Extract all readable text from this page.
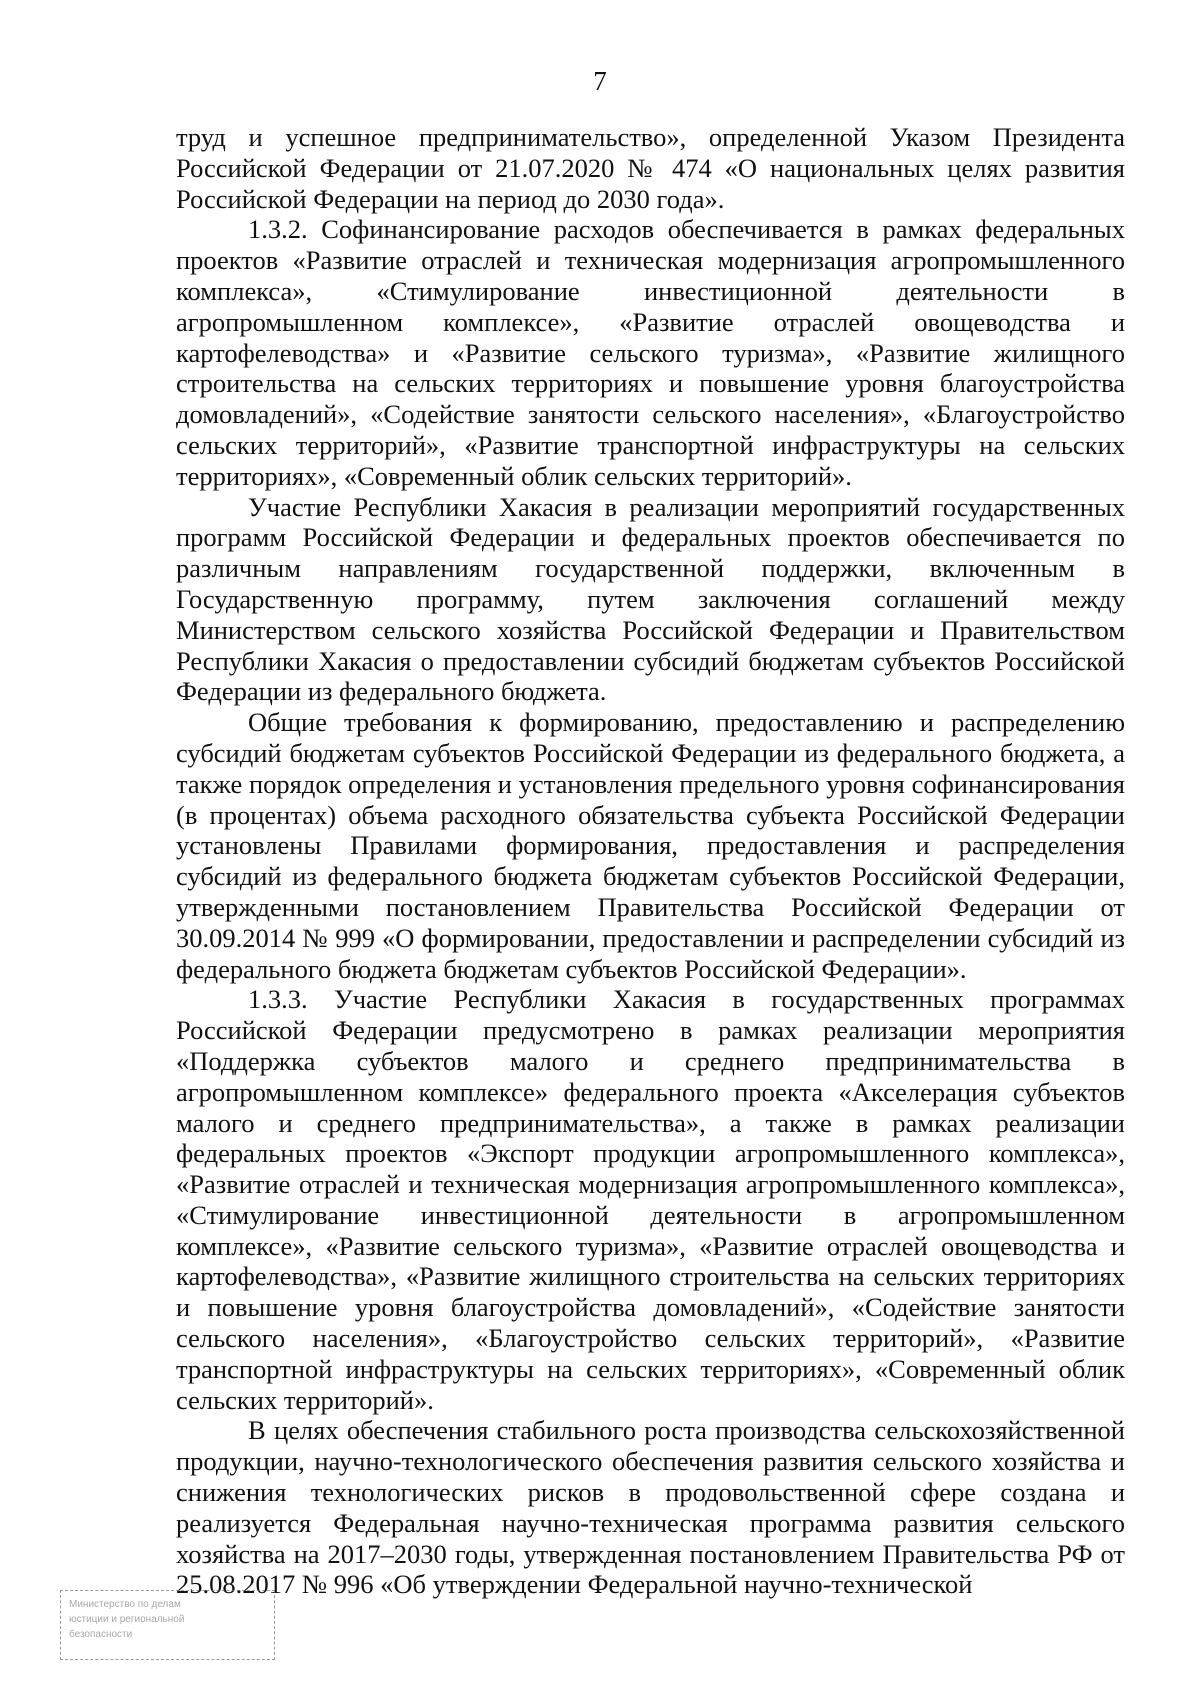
7

труд и успешное предпринимательство», определенной Указом Президента Российской Федерации от 21.07.2020 № 474 «О национальных целях развития Российской Федерации на период до 2030 года».

1.3.2. Софинансирование расходов обеспечивается в рамках федеральных проектов «Развитие отраслей и техническая модернизация агропромышленного комплекса», «Стимулирование инвестиционной деятельности в агропромышленном комплексе», «Развитие отраслей овощеводства и картофелеводства» и «Развитие сельского туризма», «Развитие жилищного строительства на сельских территориях и повышение уровня благоустройства домовладений», «Содействие занятости сельского населения», «Благоустройство сельских территорий», «Развитие транспортной инфраструктуры на сельских территориях», «Современный облик сельских территорий».

Участие Республики Хакасия в реализации мероприятий государственных программ Российской Федерации и федеральных проектов обеспечивается по различным направлениям государственной поддержки, включенным в Государственную программу, путем заключения соглашений между Министерством сельского хозяйства Российской Федерации и Правительством Республики Хакасия о предоставлении субсидий бюджетам субъектов Российской Федерации из федерального бюджета.

Общие требования к формированию, предоставлению и распределению субсидий бюджетам субъектов Российской Федерации из федерального бюджета, а также порядок определения и установления предельного уровня софинансирования (в процентах) объема расходного обязательства субъекта Российской Федерации установлены Правилами формирования, предоставления и распределения субсидий из федерального бюджета бюджетам субъектов Российской Федерации, утвержденными постановлением Правительства Российской Федерации от 30.09.2014 № 999 «О формировании, предоставлении и распределении субсидий из федерального бюджета бюджетам субъектов Российской Федерации».

1.3.3. Участие Республики Хакасия в государственных программах Российской Федерации предусмотрено в рамках реализации мероприятия «Поддержка субъектов малого и среднего предпринимательства в агропромышленном комплексе» федерального проекта «Акселерация субъектов малого и среднего предпринимательства», а также в рамках реализации федеральных проектов «Экспорт продукции агропромышленного комплекса», «Развитие отраслей и техническая модернизация агропромышленного комплекса», «Стимулирование инвестиционной деятельности в агропромышленном комплексе», «Развитие сельского туризма», «Развитие отраслей овощеводства и картофелеводства», «Развитие жилищного строительства на сельских территориях и повышение уровня благоустройства домовладений», «Содействие занятости сельского населения», «Благоустройство сельских территорий», «Развитие транспортной инфраструктуры на сельских территориях», «Современный облик сельских территорий».

В целях обеспечения стабильного роста производства сельскохозяйственной продукции, научно-технологического обеспечения развития сельского хозяйства и снижения технологических рисков в продовольственной сфере создана и реализуется Федеральная научно-техническая программа развития сельского хозяйства на 2017–2030 годы, утвержденная постановлением Правительства РФ от 25.08.2017 № 996 «Об утверждении Федеральной научно-технической

Министерство по делам
юстиции и региональной
безопасности
